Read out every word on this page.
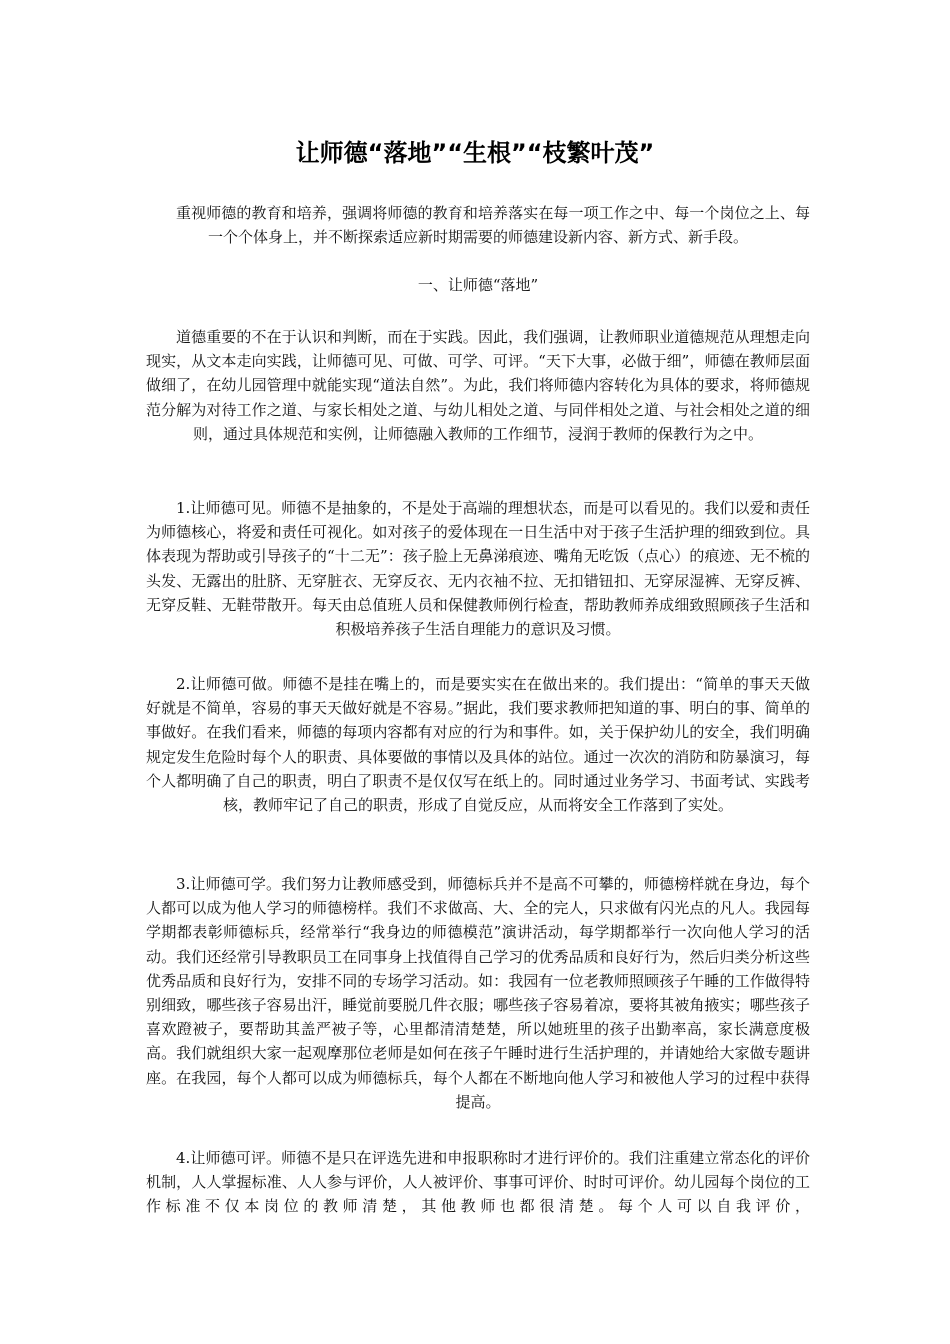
让师德“落地”“生根”“枝繁叶茂”

重视师德的教育和培养，强调将师德的教育和培养落实在每一项工作之中、每一个岗位之上、每一个个体身上，并不断探索适应新时期需要的师德建设新内容、新方式、新手段。

一、让师德“落地”

道德重要的不在于认识和判断，而在于实践。因此，我们强调，让教师职业道德规范从理想走向现实，从文本走向实践，让师德可见、可做、可学、可评。“天下大事，必做于细”，师德在教师层面做细了，在幼儿园管理中就能实现“道法自然”。为此，我们将师德内容转化为具体的要求，将师德规范分解为对待工作之道、与家长相处之道、与幼儿相处之道、与同伴相处之道、与社会相处之道的细则，通过具体规范和实例，让师德融入教师的工作细节，浸润于教师的保教行为之中。

1.让师德可见。师德不是抽象的，不是处于高端的理想状态，而是可以看见的。我们以爱和责任为师德核心，将爱和责任可视化。如对孩子的爱体现在一日生活中对于孩子生活护理的细致到位。具体表现为帮助或引导孩子的“十二无”：孩子脸上无鼻涕痕迹、嘴角无吃饭（点心）的痕迹、无不梳的头发、无露出的肚脐、无穿脏衣、无穿反衣、无内衣袖不拉、无扣错钮扣、无穿尿湿裤、无穿反裤、无穿反鞋、无鞋带散开。每天由总值班人员和保健教师例行检查，帮助教师养成细致照顾孩子生活和积极培养孩子生活自理能力的意识及习惯。

2.让师德可做。师德不是挂在嘴上的，而是要实实在在做出来的。我们提出：“简单的事天天做好就是不简单，容易的事天天做好就是不容易。”据此，我们要求教师把知道的事、明白的事、简单的事做好。在我们看来，师德的每项内容都有对应的行为和事件。如，关于保护幼儿的安全，我们明确规定发生危险时每个人的职责、具体要做的事情以及具体的站位。通过一次次的消防和防暴演习，每个人都明确了自己的职责，明白了职责不是仅仅写在纸上的。同时通过业务学习、书面考试、实践考核，教师牢记了自己的职责，形成了自觉反应，从而将安全工作落到了实处。

3.让师德可学。我们努力让教师感受到，师德标兵并不是高不可攀的，师德榜样就在身边，每个人都可以成为他人学习的师德榜样。我们不求做高、大、全的完人，只求做有闪光点的凡人。我园每学期都表彰师德标兵，经常举行“我身边的师德模范”演讲活动，每学期都举行一次向他人学习的活动。我们还经常引导教职员工在同事身上找值得自己学习的优秀品质和良好行为，然后归类分析这些优秀品质和良好行为，安排不同的专场学习活动。如：我园有一位老教师照顾孩子午睡的工作做得特别细致，哪些孩子容易出汗，睡觉前要脱几件衣服；哪些孩子容易着凉，要将其被角掖实；哪些孩子喜欢蹬被子，要帮助其盖严被子等，心里都清清楚楚，所以她班里的孩子出勤率高，家长满意度极高。我们就组织大家一起观摩那位老师是如何在孩子午睡时进行生活护理的，并请她给大家做专题讲座。在我园，每个人都可以成为师德标兵，每个人都在不断地向他人学习和被他人学习的过程中获得提高。

4.让师德可评。师德不是只在评选先进和申报职称时才进行评价的。我们注重建立常态化的评价机制，人人掌握标准、人人参与评价，人人被评价、事事可评价、时时可评价。幼儿园每个岗位的工作标准不仅本岗位的教师清楚，其他教师也都很清楚。每个人可以自我评价，
